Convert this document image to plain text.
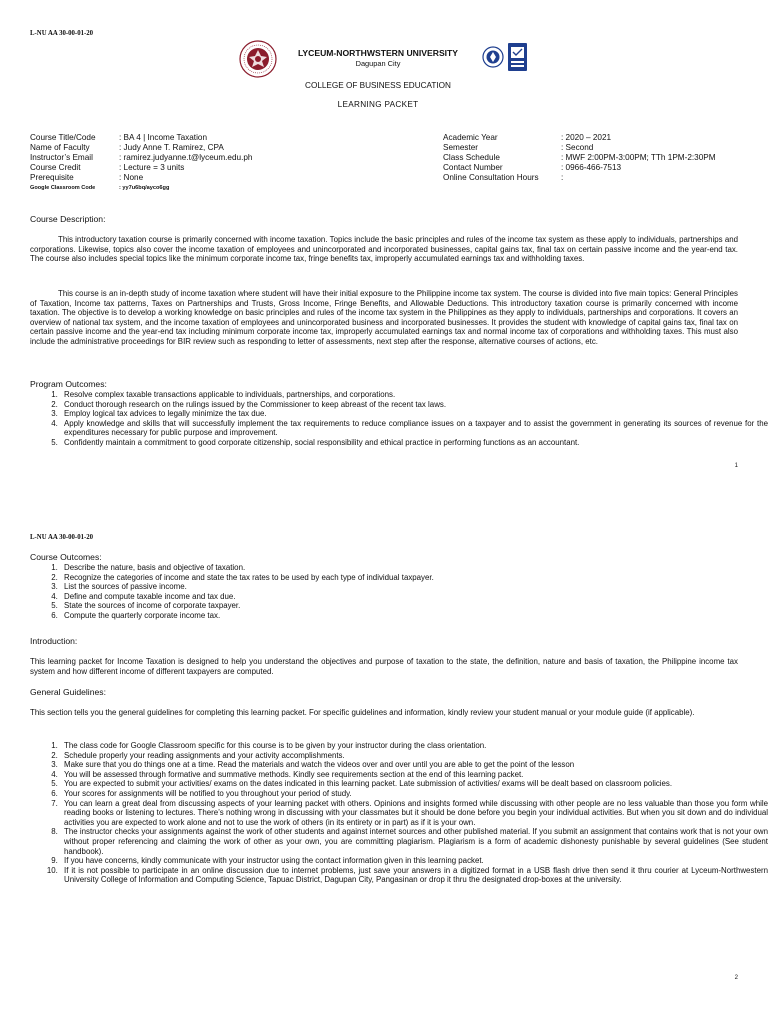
L-NU AA 30-00-01-20
LYCEUM-NORTHWSTERN UNIVERSITY
Dagupan City
COLLEGE OF BUSINESS EDUCATION
LEARNING PACKET
Course Title/Code	: BA 4 | Income Taxation
Name of Faculty	: Judy Anne T. Ramirez, CPA
Instructor’s Email	: ramirez.judyanne.t@lyceum.edu.ph
Course Credit	: Lecture = 3 units
Prerequisite	: None
Google Classroom Code	: yy7u6bq/ayco6gg
Academic Year	: 2020 – 2021
Semester	: Second
Class Schedule	: MWF 2:00PM-3:00PM; TTh 1PM-2:30PM
Contact Number	: 0966-466-7513
Online Consultation Hours	:
Course Description:
This introductory taxation course is primarily concerned with income taxation. Topics include the basic principles and rules of the income tax system as these apply to individuals, partnerships and corporations. Likewise, topics also cover the income taxation of employees and unincorporated and incorporated businesses, capital gains tax, final tax on certain passive income and the year-end tax. The course also includes special topics like the minimum corporate income tax, fringe benefits tax, improperly accumulated earnings tax and withholding taxes.
This course is an in-depth study of income taxation where student will have their initial exposure to the Philippine income tax system. The course is divided into five main topics: General Principles of Taxation, Income tax patterns, Taxes on Partnerships and Trusts, Gross Income, Fringe Benefits, and Allowable Deductions. This introductory taxation course is primarily concerned with income taxation. The objective is to develop a working knowledge on basic principles and rules of the income tax system in the Philippines as they apply to individuals, partnerships and corporations. It covers an overview of national tax system, and the income taxation of employees and unincorporated business and incorporated businesses. It provides the student with knowledge of capital gains tax, final tax on certain passive income and the year-end tax including minimum corporate income tax, improperly accumulated earnings tax and normal income tax of corporations and withholding taxes. This must also include the administrative proceedings for BIR review such as responding to letter of assessments, next step after the response, alternative courses of actions, etc.
Program Outcomes:
1. Resolve complex taxable transactions applicable to individuals, partnerships, and corporations.
2. Conduct thorough research on the rulings issued by the Commissioner to keep abreast of the recent tax laws.
3. Employ logical tax advices to legally minimize the tax due.
4. Apply knowledge and skills that will successfully implement the tax requirements to reduce compliance issues on a taxpayer and to assist the government in generating its sources of revenue for the expenditures necessary for public purpose and improvement.
5. Confidently maintain a commitment to good corporate citizenship, social responsibility and ethical practice in performing functions as an accountant.
1
L-NU AA 30-00-01-20
Course Outcomes:
1. Describe the nature, basis and objective of taxation.
2. Recognize the categories of income and state the tax rates to be used by each type of individual taxpayer.
3. List the sources of passive income.
4. Define and compute taxable income and tax due.
5. State the sources of income of corporate taxpayer.
6. Compute the quarterly corporate income tax.
Introduction:
This learning packet for Income Taxation is designed to help you understand the objectives and purpose of taxation to the state, the definition, nature and basis of taxation, the Philippine income tax system and how different income of different taxpayers are computed.
General Guidelines:
This section tells you the general guidelines for completing this learning packet. For specific guidelines and information, kindly review your student manual or your module guide (if applicable).
1. The class code for Google Classroom specific for this course is to be given by your instructor during the class orientation.
2. Schedule properly your reading assignments and your activity accomplishments.
3. Make sure that you do things one at a time. Read the materials and watch the videos over and over until you are able to get the point of the lesson
4. You will be assessed through formative and summative methods. Kindly see requirements section at the end of this learning packet.
5. You are expected to submit your activities/ exams on the dates indicated in this learning packet. Late submission of activities/ exams will be dealt based on classroom policies.
6. Your scores for assignments will be notified to you throughout your period of study.
7. You can learn a great deal from discussing aspects of your learning packet with others. Opinions and insights formed while discussing with other people are no less valuable than those you form while reading books or listening to lectures. There’s nothing wrong in discussing with your classmates but it should be done before you begin your individual activities. But when you sit down and do individual activities you are expected to work alone and not to use the work of others (in its entirety or in part) as if it is your own.
8. The instructor checks your assignments against the work of other students and against internet sources and other published material. If you submit an assignment that contains work that is not your own without proper referencing and claiming the work of other as your own, you are committing plagiarism. Plagiarism is a form of academic dishonesty punishable by several guidelines (See student handbook).
9. If you have concerns, kindly communicate with your instructor using the contact information given in this learning packet.
10. If it is not possible to participate in an online discussion due to internet problems, just save your answers in a digitized format in a USB flash drive then send it thru courier at Lyceum-Northwestern University College of Information and Computing Science, Tapuac District, Dagupan City, Pangasinan or drop it thru the designated drop-boxes at the university.
2
